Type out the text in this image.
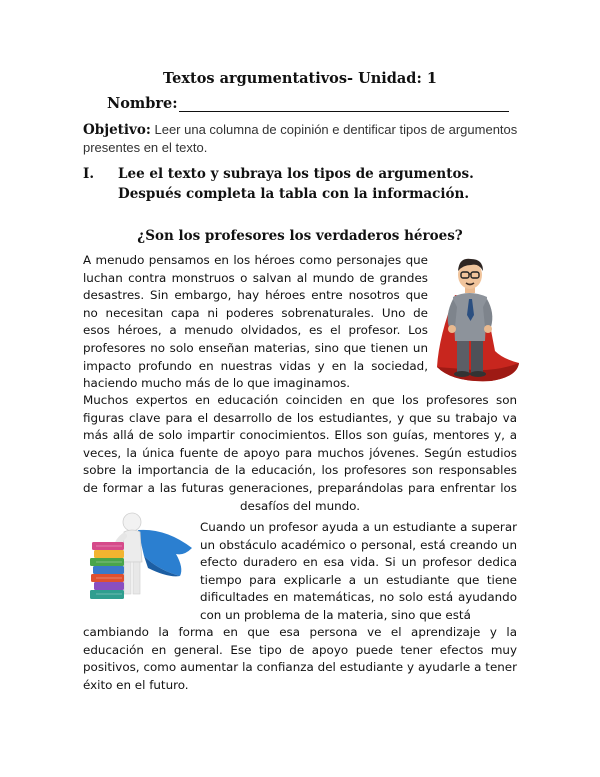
Textos argumentativos- Unidad: 1
Nombre:
Objetivo: Leer una columna de copinión e dentificar tipos de argumentos presentes en el texto.
I. Lee el texto y subraya los tipos de argumentos. Después completa la tabla con la información.
¿Son los profesores los verdaderos héroes?
A menudo pensamos en los héroes como personajes que luchan contra monstruos o salvan al mundo de grandes desastres. Sin embargo, hay héroes entre nosotros que no necesitan capa ni poderes sobrenaturales. Uno de esos héroes, a menudo olvidados, es el profesor. Los profesores no solo enseñan materias, sino que tienen un impacto profundo en nuestras vidas y en la sociedad, haciendo mucho más de lo que imaginamos.
Muchos expertos en educación coinciden en que los profesores son figuras clave para el desarrollo de los estudiantes, y que su trabajo va más allá de solo impartir conocimientos. Ellos son guías, mentores y, a veces, la única fuente de apoyo para muchos jóvenes. Según estudios sobre la importancia de la educación, los profesores son responsables de formar a las futuras generaciones, preparándolas para enfrentar los desafíos del mundo.
Cuando un profesor ayuda a un estudiante a superar un obstáculo académico o personal, está creando un efecto duradero en esa vida. Si un profesor dedica tiempo para explicarle a un estudiante que tiene dificultades en matemáticas, no solo está ayudando con un problema de la materia, sino que está
cambiando la forma en que esa persona ve el aprendizaje y la educación en general. Ese tipo de apoyo puede tener efectos muy positivos, como aumentar la confianza del estudiante y ayudarle a tener éxito en el futuro.
